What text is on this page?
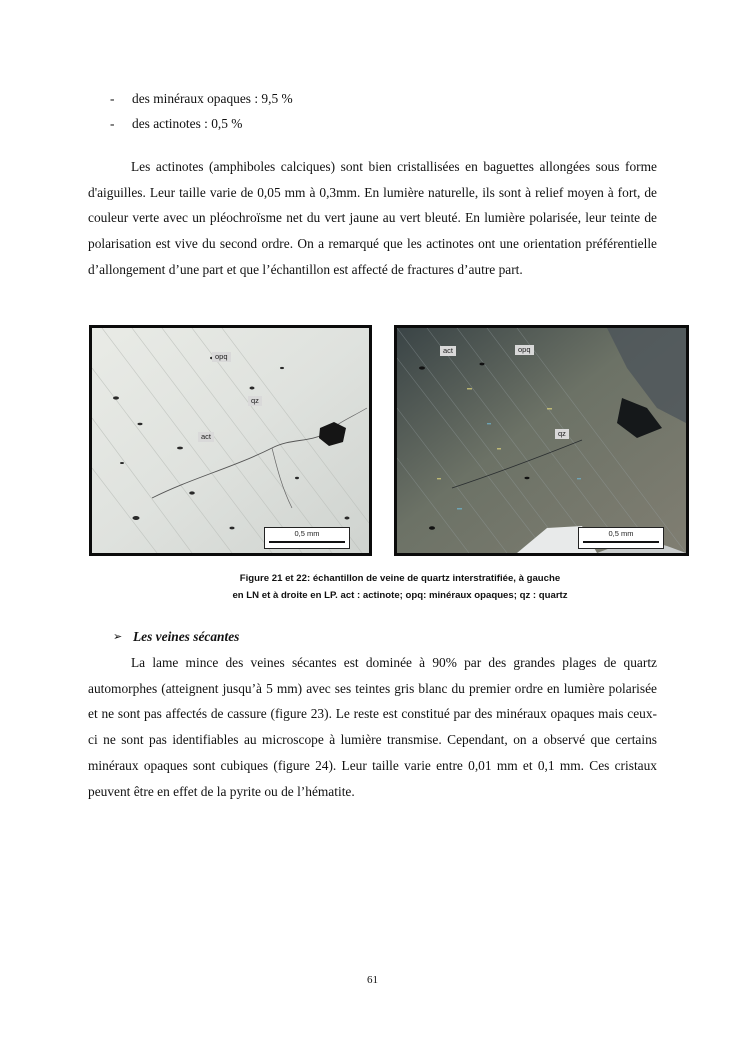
-	des minéraux opaques : 9,5 %
-	des actinotes : 0,5 %

Les actinotes (amphiboles calciques) sont bien cristallisées en baguettes allongées sous forme d'aiguilles. Leur taille varie de 0,05 mm à 0,3mm. En lumière naturelle, ils sont à relief moyen à fort, de couleur verte avec un pléochroïsme net du vert jaune au vert bleuté. En lumière polarisée, leur teinte de polarisation est vive du second ordre. On a remarqué que les actinotes ont une orientation préférentielle d’allongement d’une part et que l’échantillon est affecté de fractures d’autre part.

opq
qz
act
0,5 mm
act	opq
qz
0,5 mm
Figure 21 et 22: échantillon de veine de quartz interstratifiée, à gauche
en LN et à droite en LP. act : actinote; opq: minéraux opaques; qz : quartz
➢ Les veines sécantes

La lame mince des veines sécantes est dominée à 90% par des grandes plages de quartz automorphes (atteignent jusqu’à 5 mm) avec ses teintes gris blanc du premier ordre en lumière polarisée et ne sont pas affectés de cassure (figure 23). Le reste est constitué par des minéraux opaques mais ceux-ci ne sont pas identifiables au microscope à lumière transmise. Cependant, on a observé que certains minéraux opaques sont cubiques (figure 24). Leur taille varie entre 0,01 mm et 0,1 mm. Ces cristaux peuvent être en effet de la pyrite ou de l’hématite.

61
